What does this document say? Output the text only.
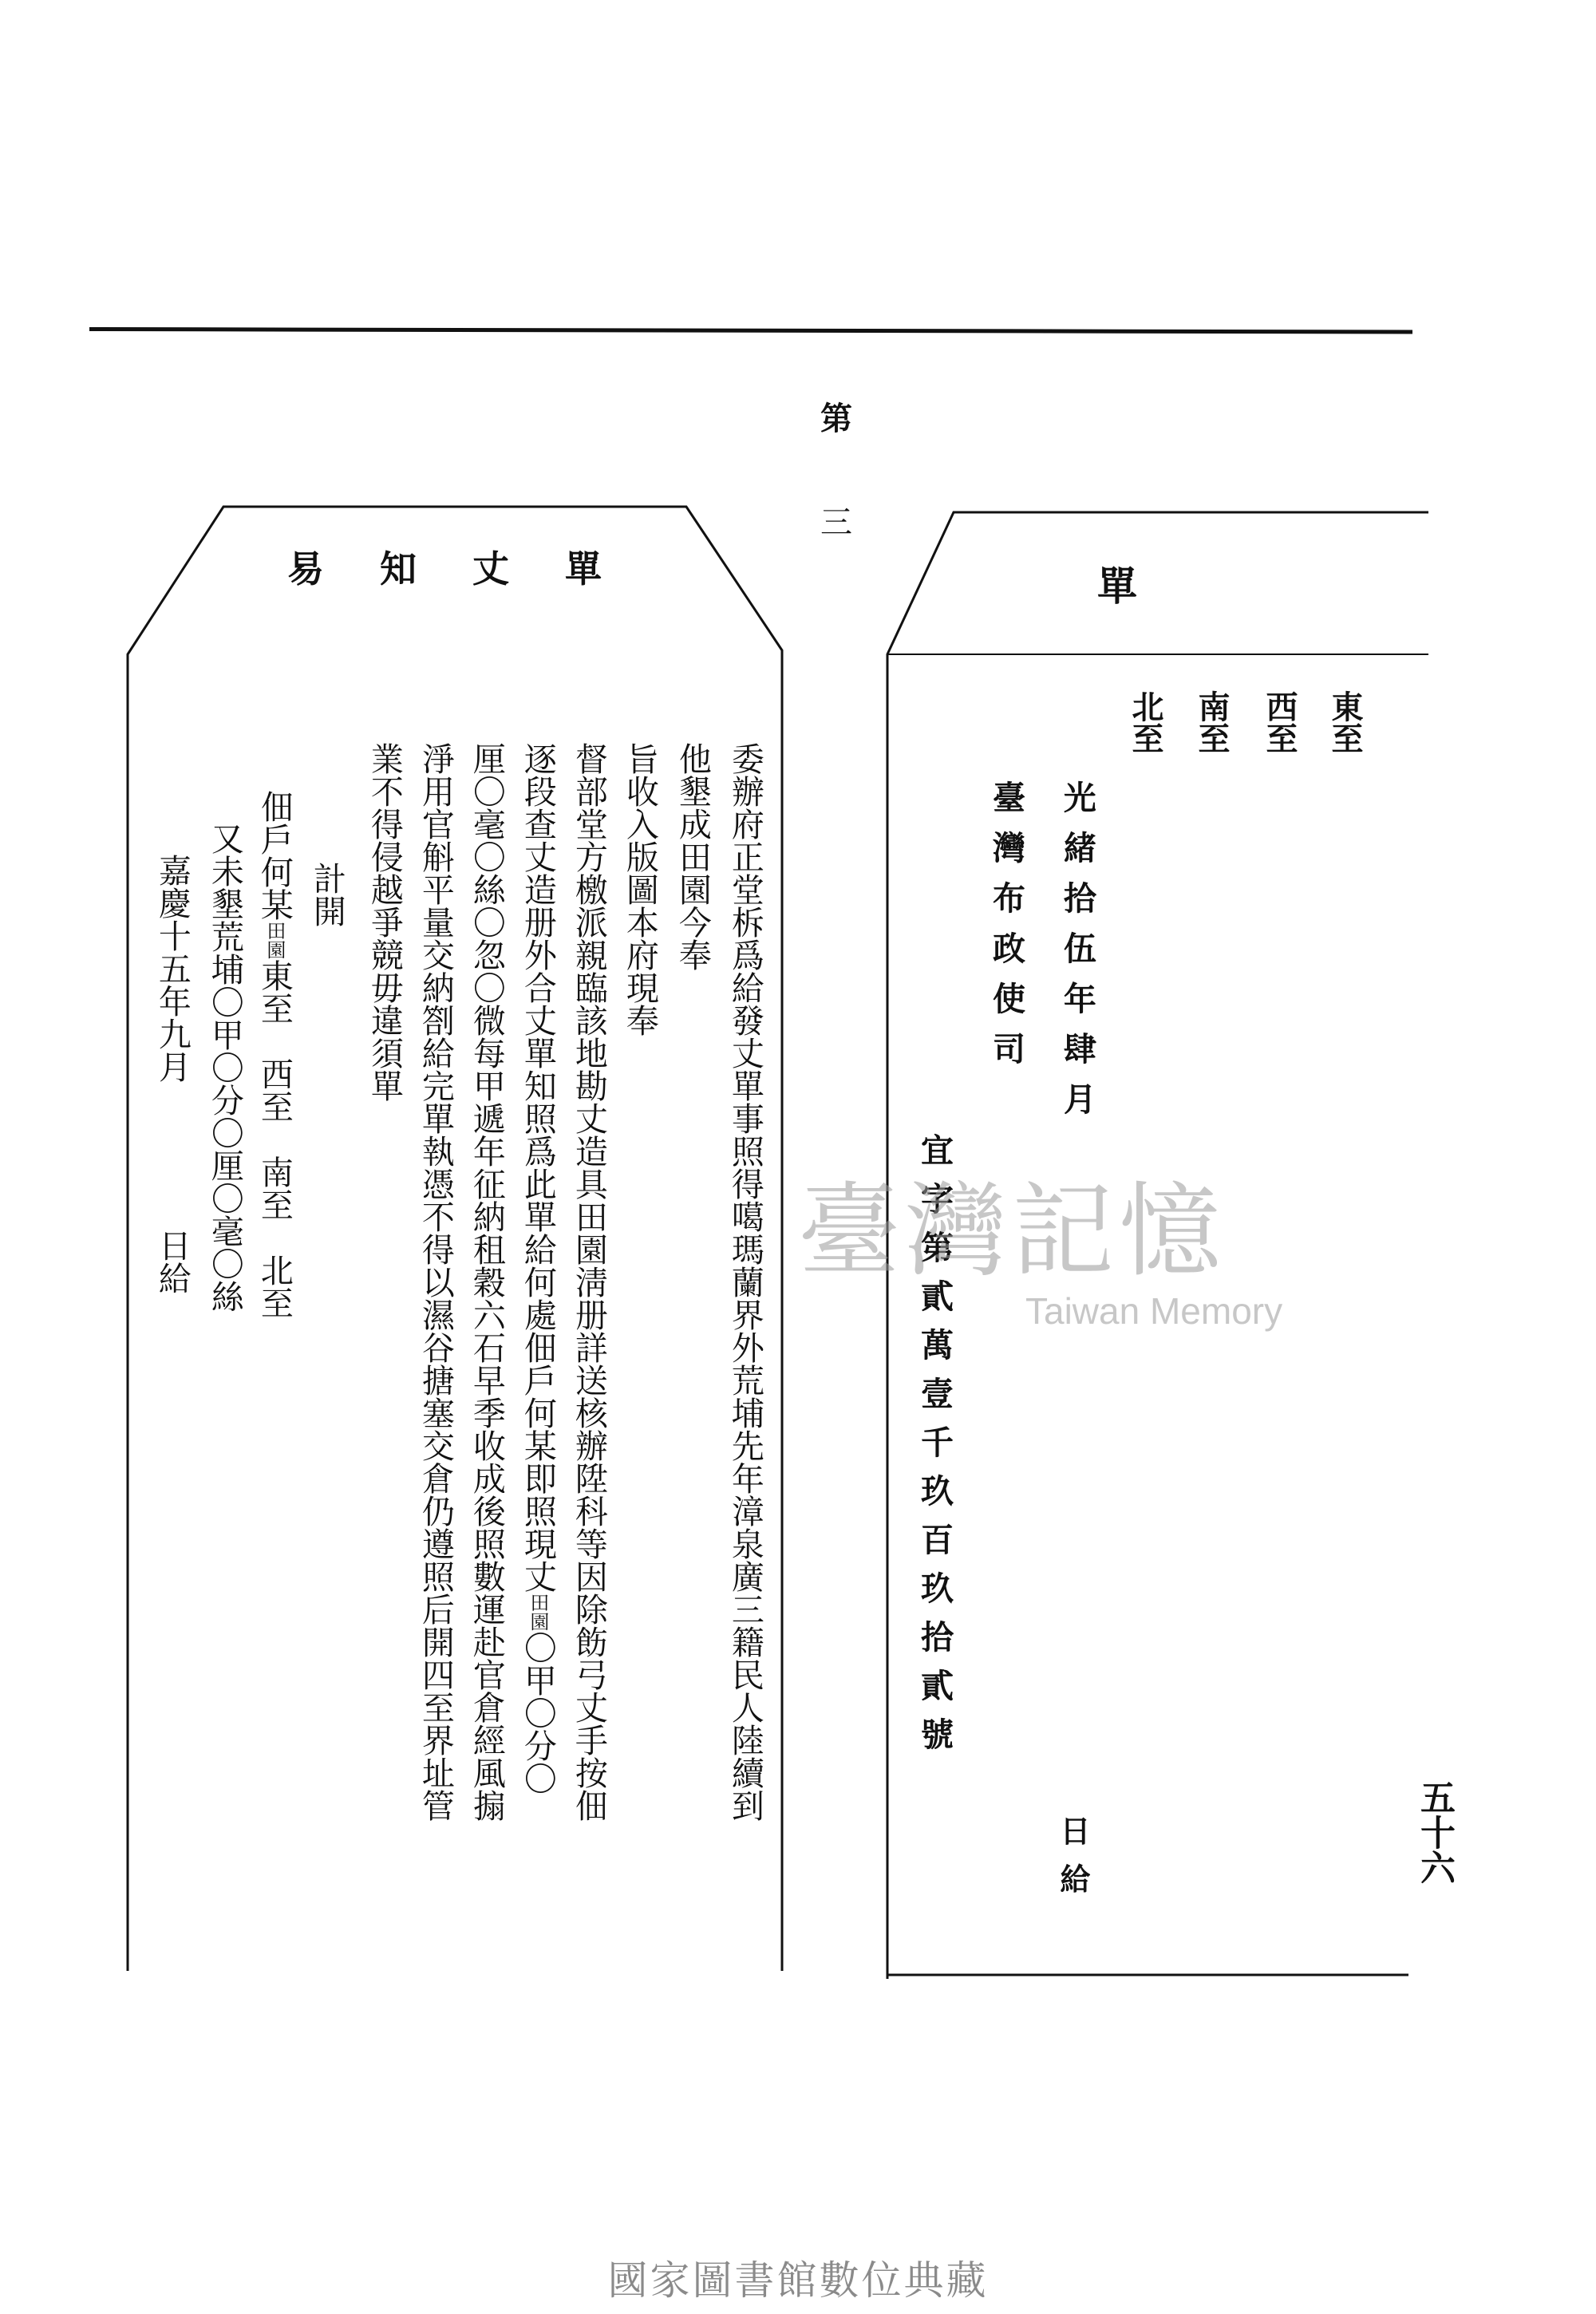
第
三
易知丈單
委辦府正堂柝爲給發丈單事照得噶瑪蘭界外荒埔先年漳泉廣三籍民人陸續到
他墾成田園今奉
旨收入版圖本府現奉
督部堂方檄派親臨該地勘丈造具田園淸册詳送核辦陞科等因除飭弓丈手按佃
逐段查丈造册外合丈單知照爲此單給何處佃戶何某即照現丈田園〇甲〇分〇
厘〇毫〇絲〇忽〇微每甲遞年征納租穀六石早季收成後照數運赴官倉經風搧
淨用官斛平量交納劄給完單執憑不得以濕谷搪塞交倉仍遵照后開四至界址管
業不得侵越爭競毋違須單
計開
佃戶何某田園東至　西至　南至　北至
又未墾荒埔〇甲〇分〇厘〇毫〇絲
嘉慶十五年九月
日給
單
東至
西至
南至
北至
光緒拾伍年肆月
臺灣布政使司
宜字第貳萬壹千玖百玖拾貳號
日給
臺灣記憶
Taiwan Memory
五十六
國家圖書館數位典藏
